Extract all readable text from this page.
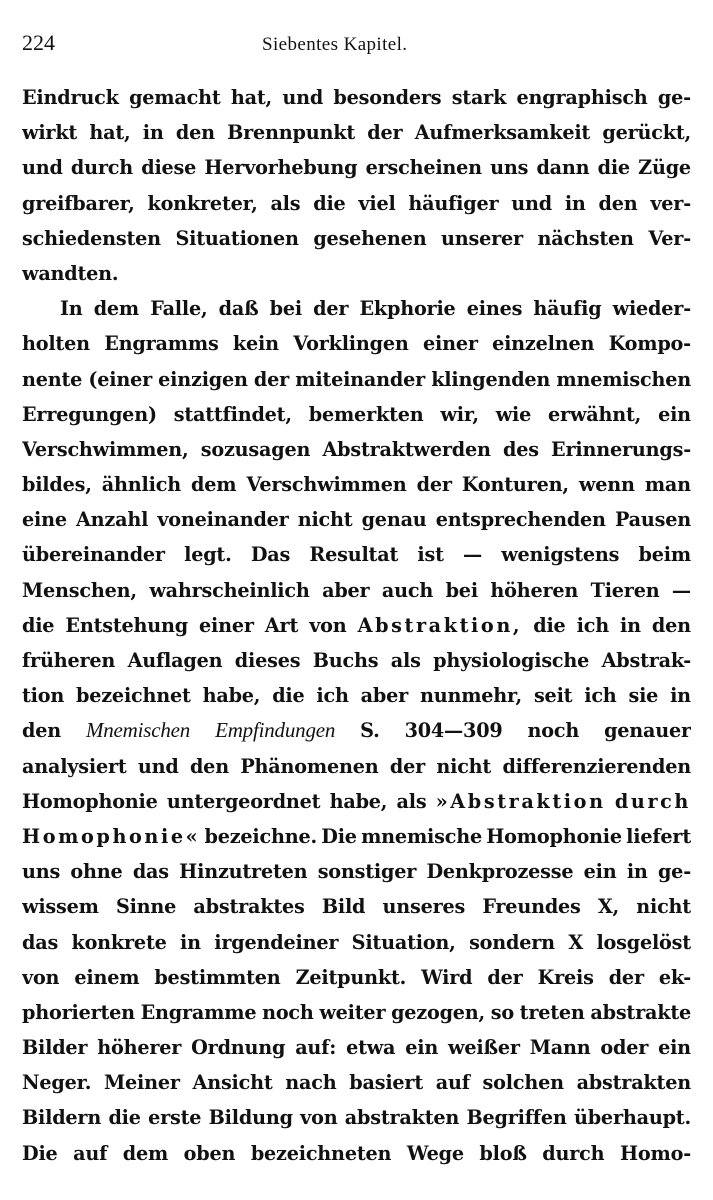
224	Siebentes Kapitel.
Eindruck gemacht hat, und besonders stark engraphisch ge-
wirkt hat, in den Brennpunkt der Aufmerksamkeit gerückt,
und durch diese Hervorhebung erscheinen uns dann die Züge
greifbarer, konkreter, als die viel häufiger und in den ver-
schiedensten Situationen gesehenen unserer nächsten Ver-
wandten.
In dem Falle, daß bei der Ekphorie eines häufig wieder-
holten Engramms kein Vorklingen einer einzelnen Kompo-
nente (einer einzigen der miteinander klingenden mnemischen
Erregungen) stattfindet, bemerkten wir, wie erwähnt, ein
Verschwimmen, sozusagen Abstraktwerden des Erinnerungs-
bildes, ähnlich dem Verschwimmen der Konturen, wenn man
eine Anzahl voneinander nicht genau entsprechenden Pausen
übereinander legt. Das Resultat ist — wenigstens beim
Menschen, wahrscheinlich aber auch bei höheren Tieren —
die Entstehung einer Art von Abstraktion, die ich in den
früheren Auflagen dieses Buchs als physiologische Abstrak-
tion bezeichnet habe, die ich aber nunmehr, seit ich sie in
den Mnemischen Empfindungen S. 304—309 noch genauer
analysiert und den Phänomenen der nicht differenzierenden
Homophonie untergeordnet habe, als »Abstraktion durch
Homophonie« bezeichne. Die mnemische Homophonie liefert
uns ohne das Hinzutreten sonstiger Denkprozesse ein in ge-
wissem Sinne abstraktes Bild unseres Freundes X, nicht
das konkrete in irgendeiner Situation, sondern X losgelöst
von einem bestimmten Zeitpunkt. Wird der Kreis der ek-
phorierten Engramme noch weiter gezogen, so treten abstrakte
Bilder höherer Ordnung auf: etwa ein weißer Mann oder ein
Neger. Meiner Ansicht nach basiert auf solchen abstrakten
Bildern die erste Bildung von abstrakten Begriffen überhaupt.
Die auf dem oben bezeichneten Wege bloß durch Homo-
